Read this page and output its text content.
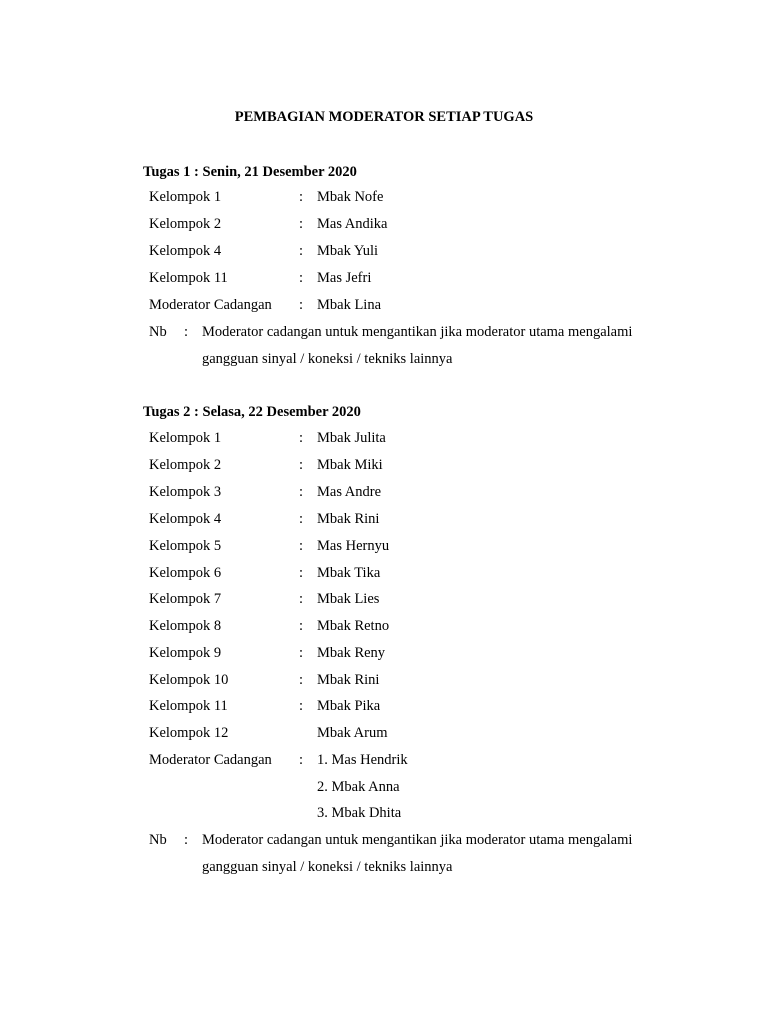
PEMBAGIAN MODERATOR SETIAP TUGAS
Tugas 1 : Senin, 21 Desember 2020
Kelompok 1	: Mbak Nofe
Kelompok 2	: Mas Andika
Kelompok 4	: Mbak Yuli
Kelompok 11	: Mas Jefri
Moderator Cadangan : Mbak Lina
Nb : Moderator cadangan untuk mengantikan jika moderator utama mengalami
gangguan sinyal / koneksi / tekniks lainnya
Tugas 2 : Selasa, 22 Desember 2020
Kelompok 1	: Mbak Julita
Kelompok 2	: Mbak Miki
Kelompok 3	: Mas Andre
Kelompok 4	: Mbak Rini
Kelompok 5	: Mas Hernyu
Kelompok 6	: Mbak Tika
Kelompok 7	: Mbak Lies
Kelompok 8	: Mbak Retno
Kelompok 9	: Mbak Reny
Kelompok 10	: Mbak Rini
Kelompok 11	: Mbak Pika
Kelompok 12	Mbak Arum
Moderator Cadangan : 1. Mas Hendrik
2. Mbak Anna
3. Mbak Dhita
Nb : Moderator cadangan untuk mengantikan jika moderator utama mengalami
gangguan sinyal / koneksi / tekniks lainnya
